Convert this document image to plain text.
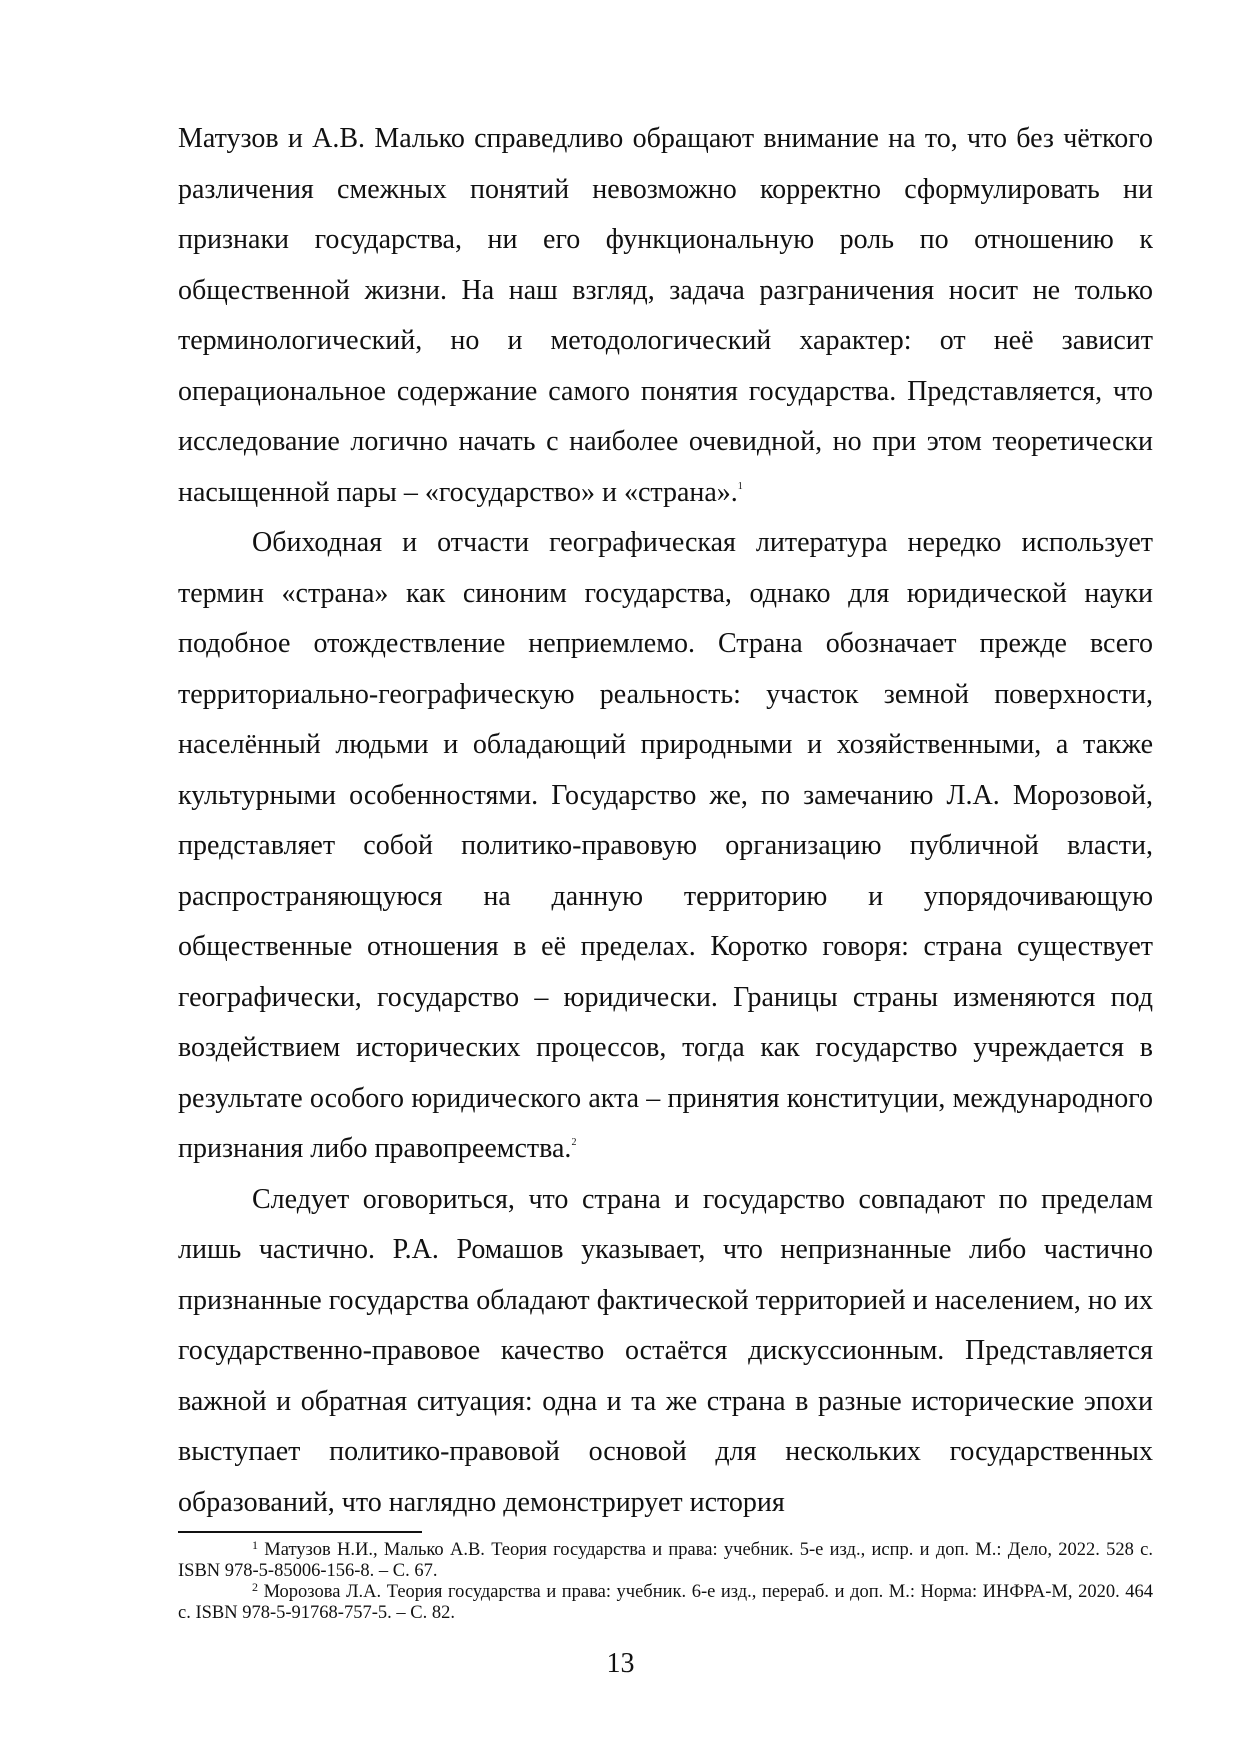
Матузов и А.В. Малько справедливо обращают внимание на то, что без чёткого различения смежных понятий невозможно корректно сформулировать ни признаки государства, ни его функциональную роль по отношению к общественной жизни. На наш взгляд, задача разграничения носит не только терминологический, но и методологический характер: от неё зависит операциональное содержание самого понятия государства. Представляется, что исследование логично начать с наиболее очевидной, но при этом теоретически насыщенной пары – «государство» и «страна».$^1$

Обиходная и отчасти географическая литература нередко использует термин «страна» как синоним государства, однако для юридической науки подобное отождествление неприемлемо. Страна обозначает прежде всего территориально-географическую реальность: участок земной поверхности, населённый людьми и обладающий природными и хозяйственными, а также культурными особенностями. Государство же, по замечанию Л.А. Морозовой, представляет собой политико-правовую организацию публичной власти, распространяющуюся на данную территорию и упорядочивающую общественные отношения в её пределах. Коротко говоря: страна существует географически, государство – юридически. Границы страны изменяются под воздействием исторических процессов, тогда как государство учреждается в результате особого юридического акта – принятия конституции, международного признания либо правопреемства.$^2$

Следует оговориться, что страна и государство совпадают по пределам лишь частично. Р.А. Ромашов указывает, что непризнанные либо частично признанные государства обладают фактической территорией и населением, но их государственно-правовое качество остаётся дискуссионным. Представляется важной и обратная ситуация: одна и та же страна в разные исторические эпохи выступает политико-правовой основой для нескольких государственных образований, что наглядно демонстрирует история

$^1$ Матузов Н.И., Малько А.В. Теория государства и права: учебник. 5-е изд., испр. и доп. М.: Дело, 2022. 528 с. ISBN 978-5-85006-156-8. – С. 67.

$^2$ Морозова Л.А. Теория государства и права: учебник. 6-е изд., перераб. и доп. М.: Норма: ИНФРА-М, 2020. 464 с. ISBN 978-5-91768-757-5. – С. 82.

13
